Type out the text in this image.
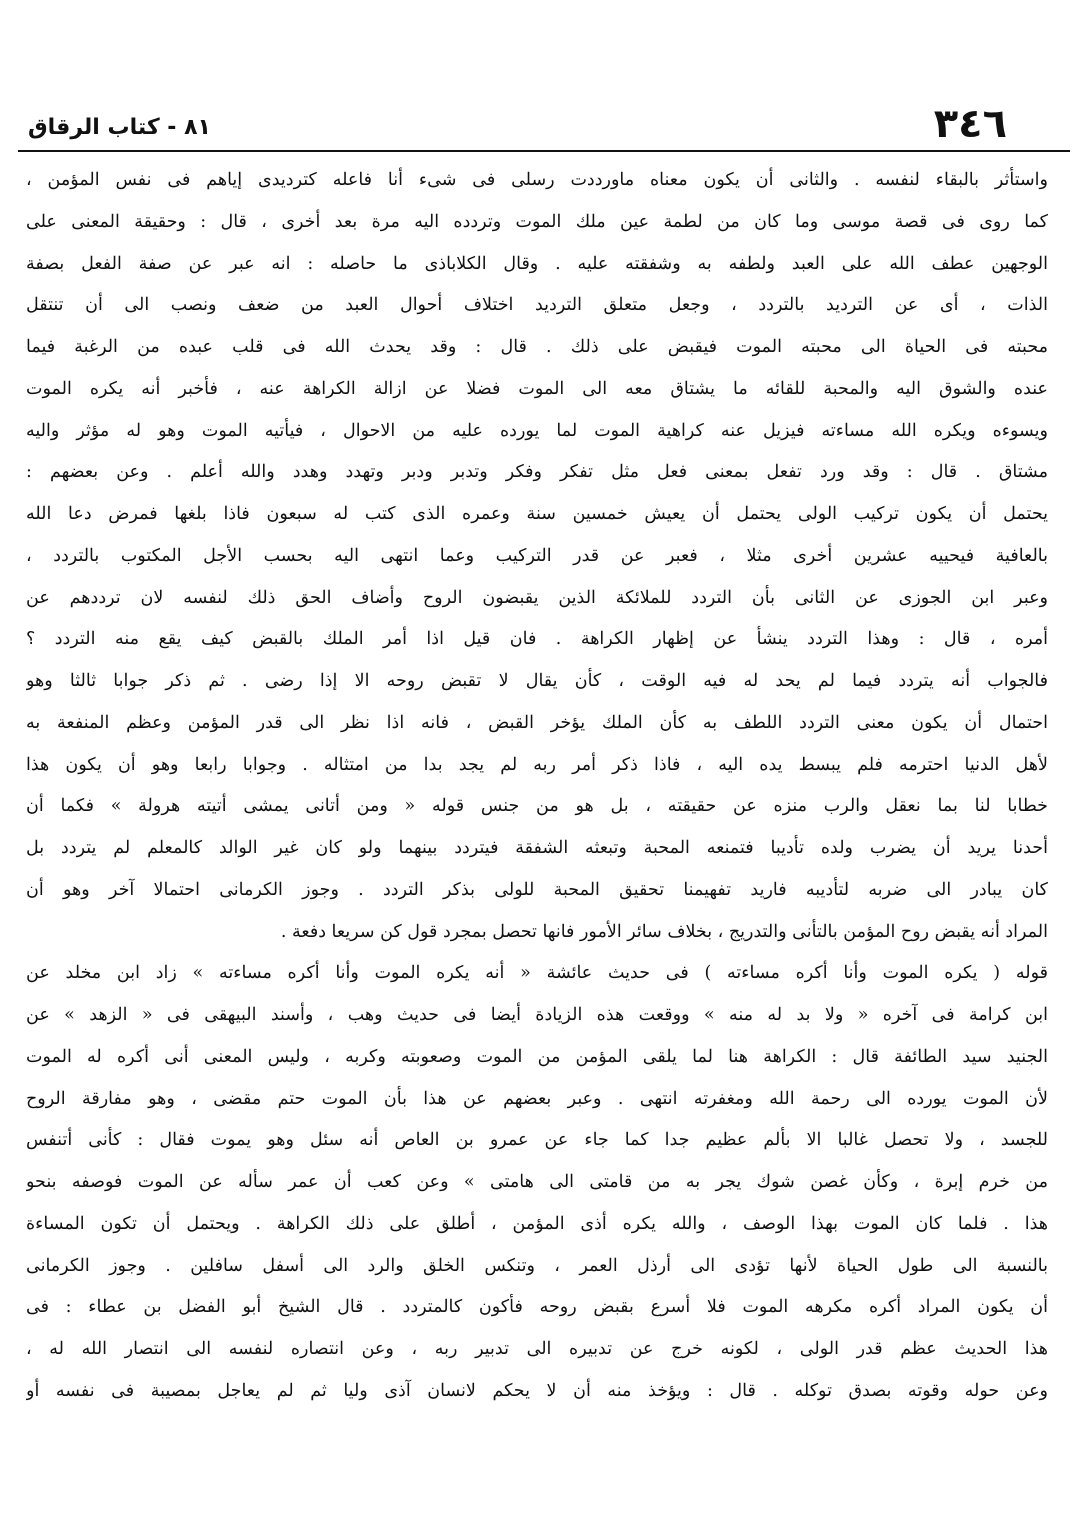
٣٤٦
٨١ - كتاب الرقاق
واستأثر بالبقاء لنفسه . والثانى أن يكون معناه ماورددت رسلى فى شىء أنا فاعله كترديدى إياهم فى نفس المؤمن ،
كما روى فى قصة موسى وما كان من لطمة عين ملك الموت وتردده اليه مرة بعد أخرى ، قال : وحقيقة المعنى على
الوجهين عطف الله على العبد ولطفه به وشفقته عليه . وقال الكلاباذى ما حاصله : انه عبر عن صفة الفعل بصفة
الذات ، أى عن الترديد بالتردد ، وجعل متعلق الترديد اختلاف أحوال العبد من ضعف ونصب الى أن تنتقل
محبته فى الحياة الى محبته الموت فيقبض على ذلك . قال : وقد يحدث الله فى قلب عبده من الرغبة فيما
عنده والشوق اليه والمحبة للقائه ما يشتاق معه الى الموت فضلا عن ازالة الكراهة عنه ، فأخبر أنه يكره الموت
ويسوءه ويكره الله مساءته فيزيل عنه كراهية الموت لما يورده عليه من الاحوال ، فيأتيه الموت وهو له مؤثر واليه
مشتاق . قال : وقد ورد تفعل بمعنى فعل مثل تفكر وفكر وتدبر ودبر وتهدد وهدد والله أعلم . وعن بعضهم :
يحتمل أن يكون تركيب الولى يحتمل أن يعيش خمسين سنة وعمره الذى كتب له سبعون فاذا بلغها فمرض دعا الله
بالعافية فيحييه عشرين أخرى مثلا ، فعبر عن قدر التركيب وعما انتهى اليه بحسب الأجل المكتوب بالتردد ،
وعبر ابن الجوزى عن الثانى بأن التردد للملائكة الذين يقبضون الروح وأضاف الحق ذلك لنفسه لان ترددهم عن
أمره ، قال : وهذا التردد ينشأ عن إظهار الكراهة . فان قيل اذا أمر الملك بالقبض كيف يقع منه التردد ؟
فالجواب أنه يتردد فيما لم يحد له فيه الوقت ، كأن يقال لا تقبض روحه الا إذا رضى . ثم ذكر جوابا ثالثا وهو
احتمال أن يكون معنى التردد اللطف به كأن الملك يؤخر القبض ، فانه اذا نظر الى قدر المؤمن وعظم المنفعة به
لأهل الدنيا احترمه فلم يبسط يده اليه ، فاذا ذكر أمر ربه لم يجد بدا من امتثاله . وجوابا رابعا وهو أن يكون هذا
خطابا لنا بما نعقل والرب منزه عن حقيقته ، بل هو من جنس قوله « ومن أتانى يمشى أتيته هرولة » فكما أن
أحدنا يريد أن يضرب ولده تأديبا فتمنعه المحبة وتبعثه الشفقة فيتردد بينهما ولو كان غير الوالد كالمعلم لم يتردد بل
كان يبادر الى ضربه لتأديبه فاريد تفهيمنا تحقيق المحبة للولى بذكر التردد . وجوز الكرمانى احتمالا آخر وهو أن
المراد أنه يقبض روح المؤمن بالتأنى والتدريج ، بخلاف سائر الأمور فانها تحصل بمجرد قول كن سريعا دفعة .
قوله ( يكره الموت وأنا أكره مساءته ) فى حديث عائشة « أنه يكره الموت وأنا أكره مساءته » زاد ابن مخلد عن
ابن كرامة فى آخره « ولا بد له منه » ووقعت هذه الزيادة أيضا فى حديث وهب ، وأسند البيهقى فى « الزهد » عن
الجنيد سيد الطائفة قال : الكراهة هنا لما يلقى المؤمن من الموت وصعوبته وكربه ، وليس المعنى أنى أكره له الموت
لأن الموت يورده الى رحمة الله ومغفرته انتهى . وعبر بعضهم عن هذا بأن الموت حتم مقضى ، وهو مفارقة الروح
للجسد ، ولا تحصل غالبا الا بألم عظيم جدا كما جاء عن عمرو بن العاص أنه سئل وهو يموت فقال : كأنى أتنفس
من خرم إبرة ، وكأن غصن شوك يجر به من قامتى الى هامتى » وعن كعب أن عمر سأله عن الموت فوصفه بنحو
هذا . فلما كان الموت بهذا الوصف ، والله يكره أذى المؤمن ، أطلق على ذلك الكراهة . ويحتمل أن تكون المساءة
بالنسبة الى طول الحياة لأنها تؤدى الى أرذل العمر ، وتنكس الخلق والرد الى أسفل سافلين . وجوز الكرمانى
أن يكون المراد أكره مكرهه الموت فلا أسرع بقبض روحه فأكون كالمتردد . قال الشيخ أبو الفضل بن عطاء : فى
هذا الحديث عظم قدر الولى ، لكونه خرج عن تدبيره الى تدبير ربه ، وعن انتصاره لنفسه الى انتصار الله له ،
وعن حوله وقوته بصدق توكله . قال : ويؤخذ منه أن لا يحكم لانسان آذى وليا ثم لم يعاجل بمصيبة فى نفسه أو
